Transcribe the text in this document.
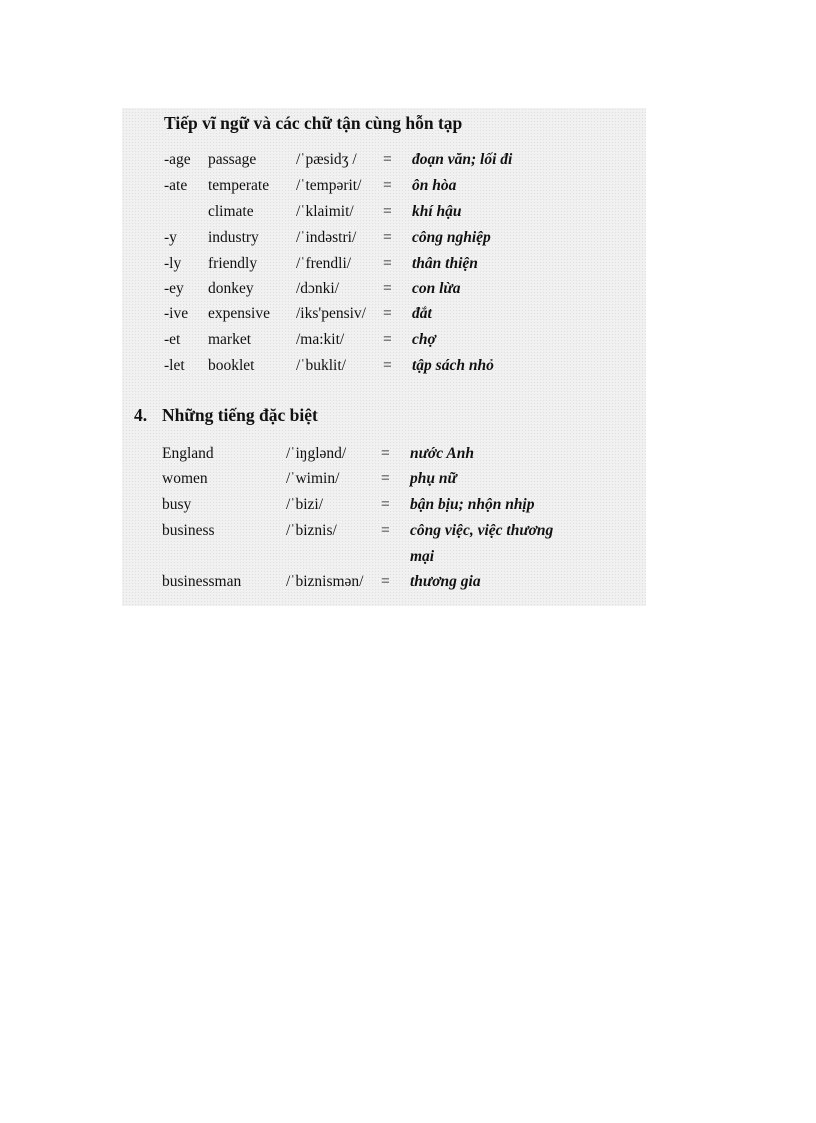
Tiếp vĩ ngữ và các chữ tận cùng hỗn tạp
-age passage	/ˈpæsidʒ / = đoạn văn; lối đi
-ate temperate /ˈtempərit/ = ôn hòa
climate	/ˈklaimit/ = khí hậu
-y industry /ˈindəstri/ = công nghiệp
-ly friendly	/ˈfrendli/ = thân thiện
-ey donkey	/dɔnki/	= con lừa
-ive expensive /iks'pensiv/ = đắt
-et market	/ma:kit/	= chợ
-let booklet	/ˈbuklit/ = tập sách nhỏ
4. Những tiếng đặc biệt
England	/ˈiŋglənd/ = nước Anh
women	/ˈwimin/	= phụ nữ
busy	/ˈbizi/	= bận bịu; nhộn nhịp
business	/ˈbiznis/	= công việc, việc thương
mại
businessman	/ˈbiznismən/ = thương gia
